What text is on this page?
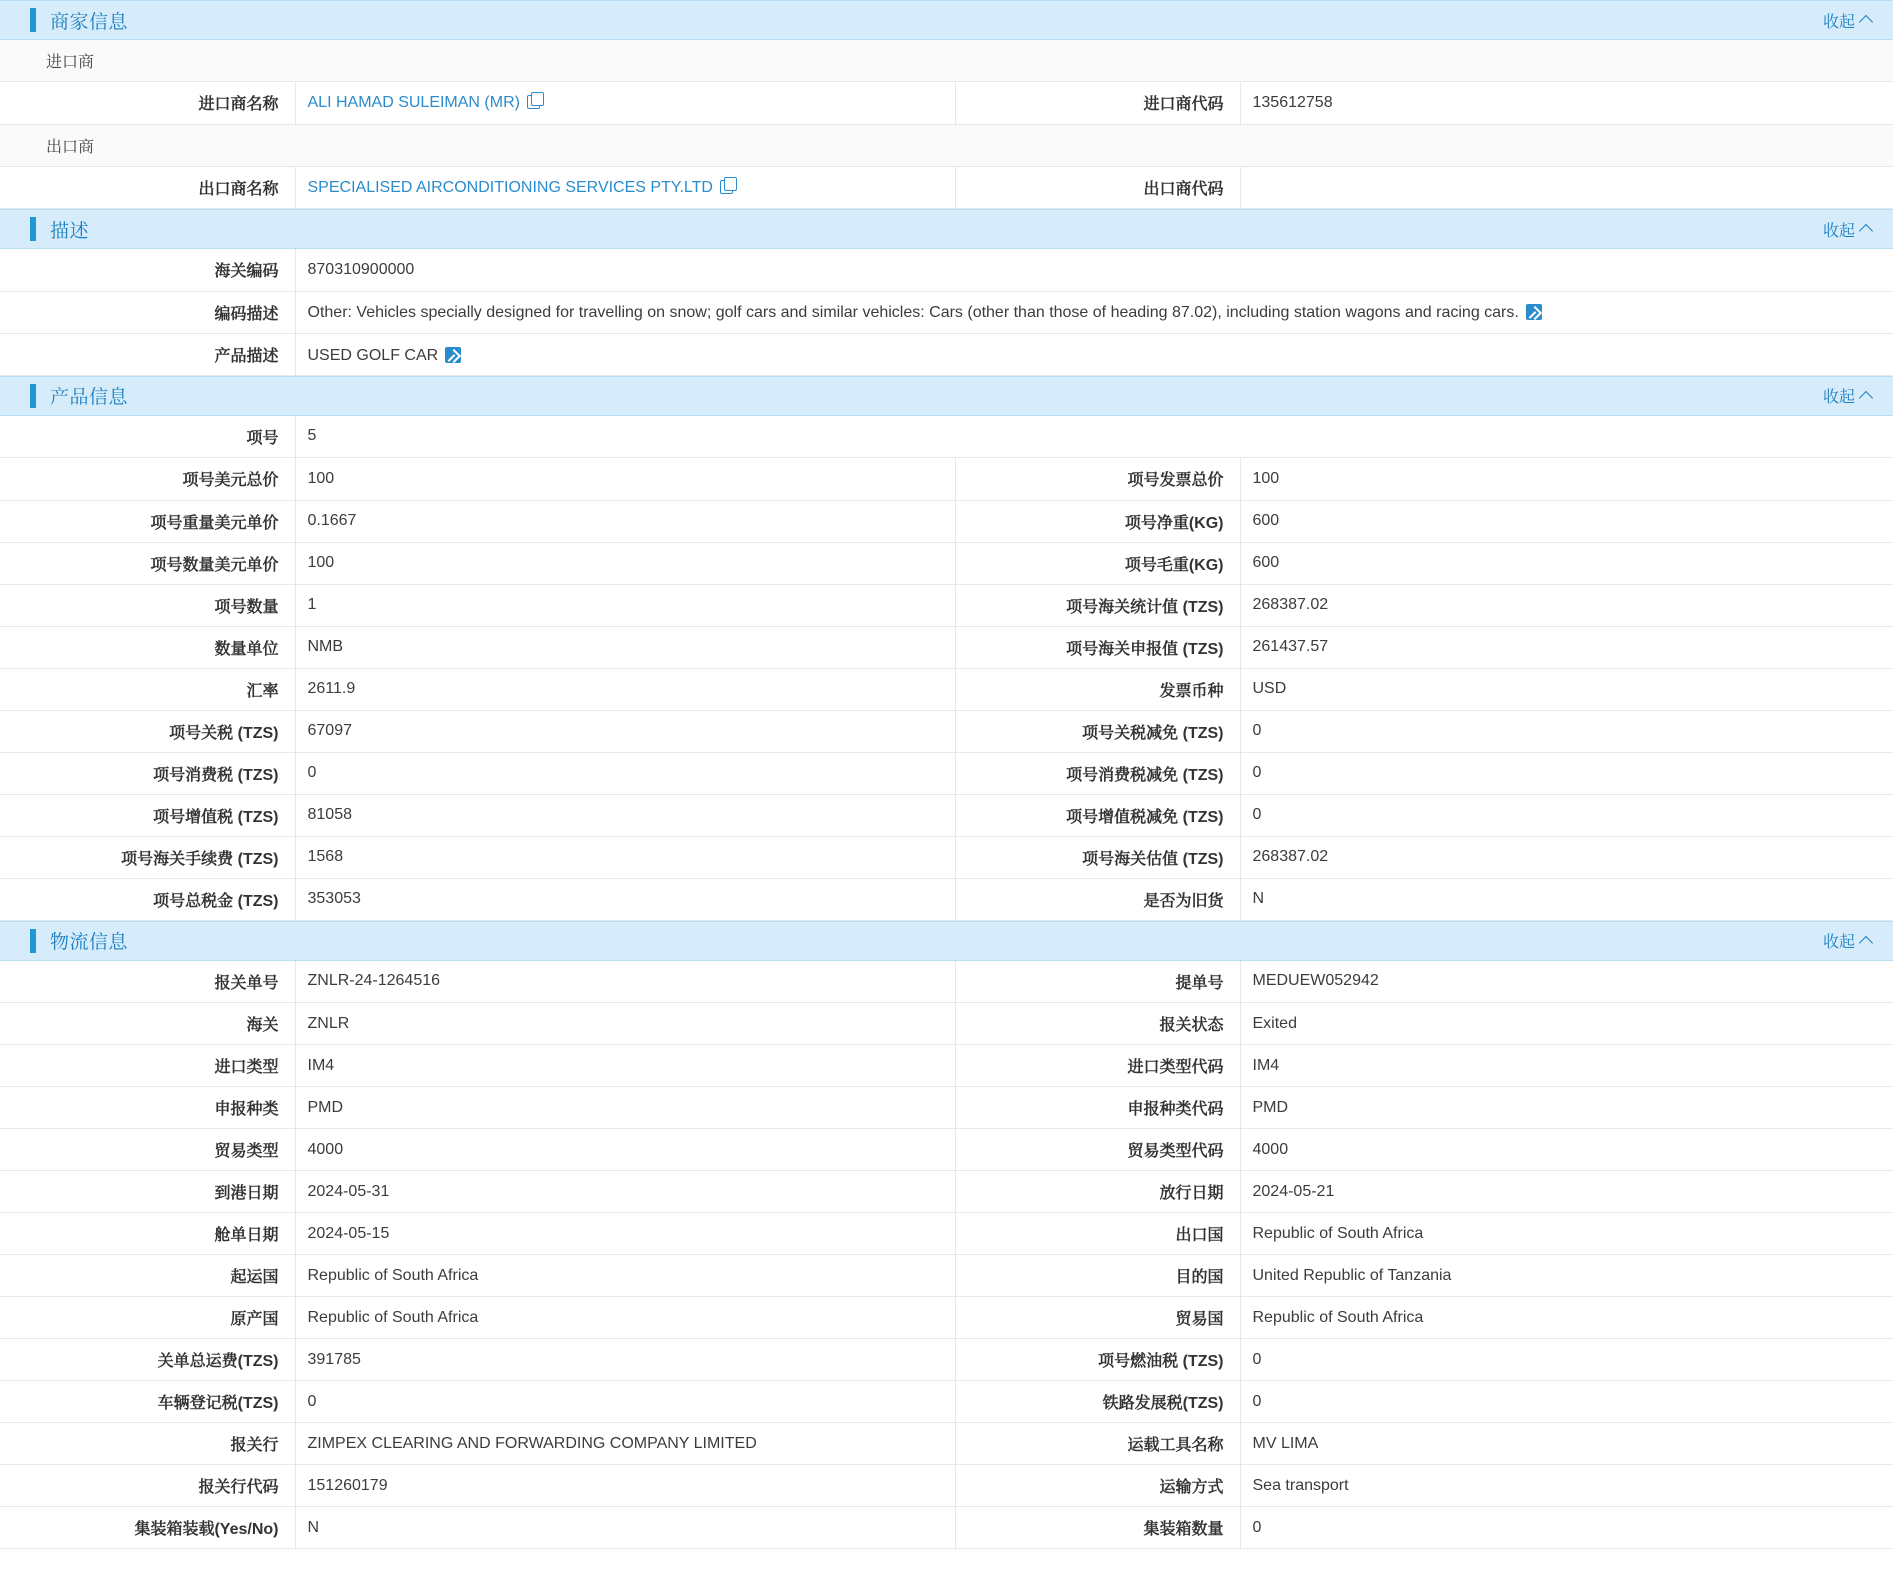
商家信息	收起
进口商
进口商名称	ALI HAMAD SULEIMAN (MR)	进口商代码	135612758
出口商
出口商名称	SPECIALISED AIRCONDITIONING SERVICES PTY.LTD	出口商代码	
描述	收起
海关编码	870310900000
编码描述	Other: Vehicles specially designed for travelling on snow; golf cars and similar vehicles: Cars (other than those of heading 87.02), including station wagons and racing cars.
产品描述	USED GOLF CAR
产品信息	收起
项号	5
项号美元总价	100	项号发票总价	100
项号重量美元单价	0.1667	项号净重(KG)	600
项号数量美元单价	100	项号毛重(KG)	600
项号数量	1	项号海关统计值 (TZS)	268387.02
数量单位	NMB	项号海关申报值 (TZS)	261437.57
汇率	2611.9	发票币种	USD
项号关税 (TZS)	67097	项号关税减免 (TZS)	0
项号消费税 (TZS)	0	项号消费税减免 (TZS)	0
项号增值税 (TZS)	81058	项号增值税减免 (TZS)	0
项号海关手续费 (TZS)	1568	项号海关估值 (TZS)	268387.02
项号总税金 (TZS)	353053	是否为旧货	N
物流信息	收起
报关单号	ZNLR-24-1264516	提单号	MEDUEW052942
海关	ZNLR	报关状态	Exited
进口类型	IM4	进口类型代码	IM4
申报种类	PMD	申报种类代码	PMD
贸易类型	4000	贸易类型代码	4000
到港日期	2024-05-31	放行日期	2024-05-21
舱单日期	2024-05-15	出口国	Republic of South Africa
起运国	Republic of South Africa	目的国	United Republic of Tanzania
原产国	Republic of South Africa	贸易国	Republic of South Africa
关单总运费(TZS)	391785	项号燃油税 (TZS)	0
车辆登记税(TZS)	0	铁路发展税(TZS)	0
报关行	ZIMPEX CLEARING AND FORWARDING COMPANY LIMITED	运载工具名称	MV LIMA
报关行代码	151260179	运输方式	Sea transport
集装箱装载(Yes/No)	N	集装箱数量	0
